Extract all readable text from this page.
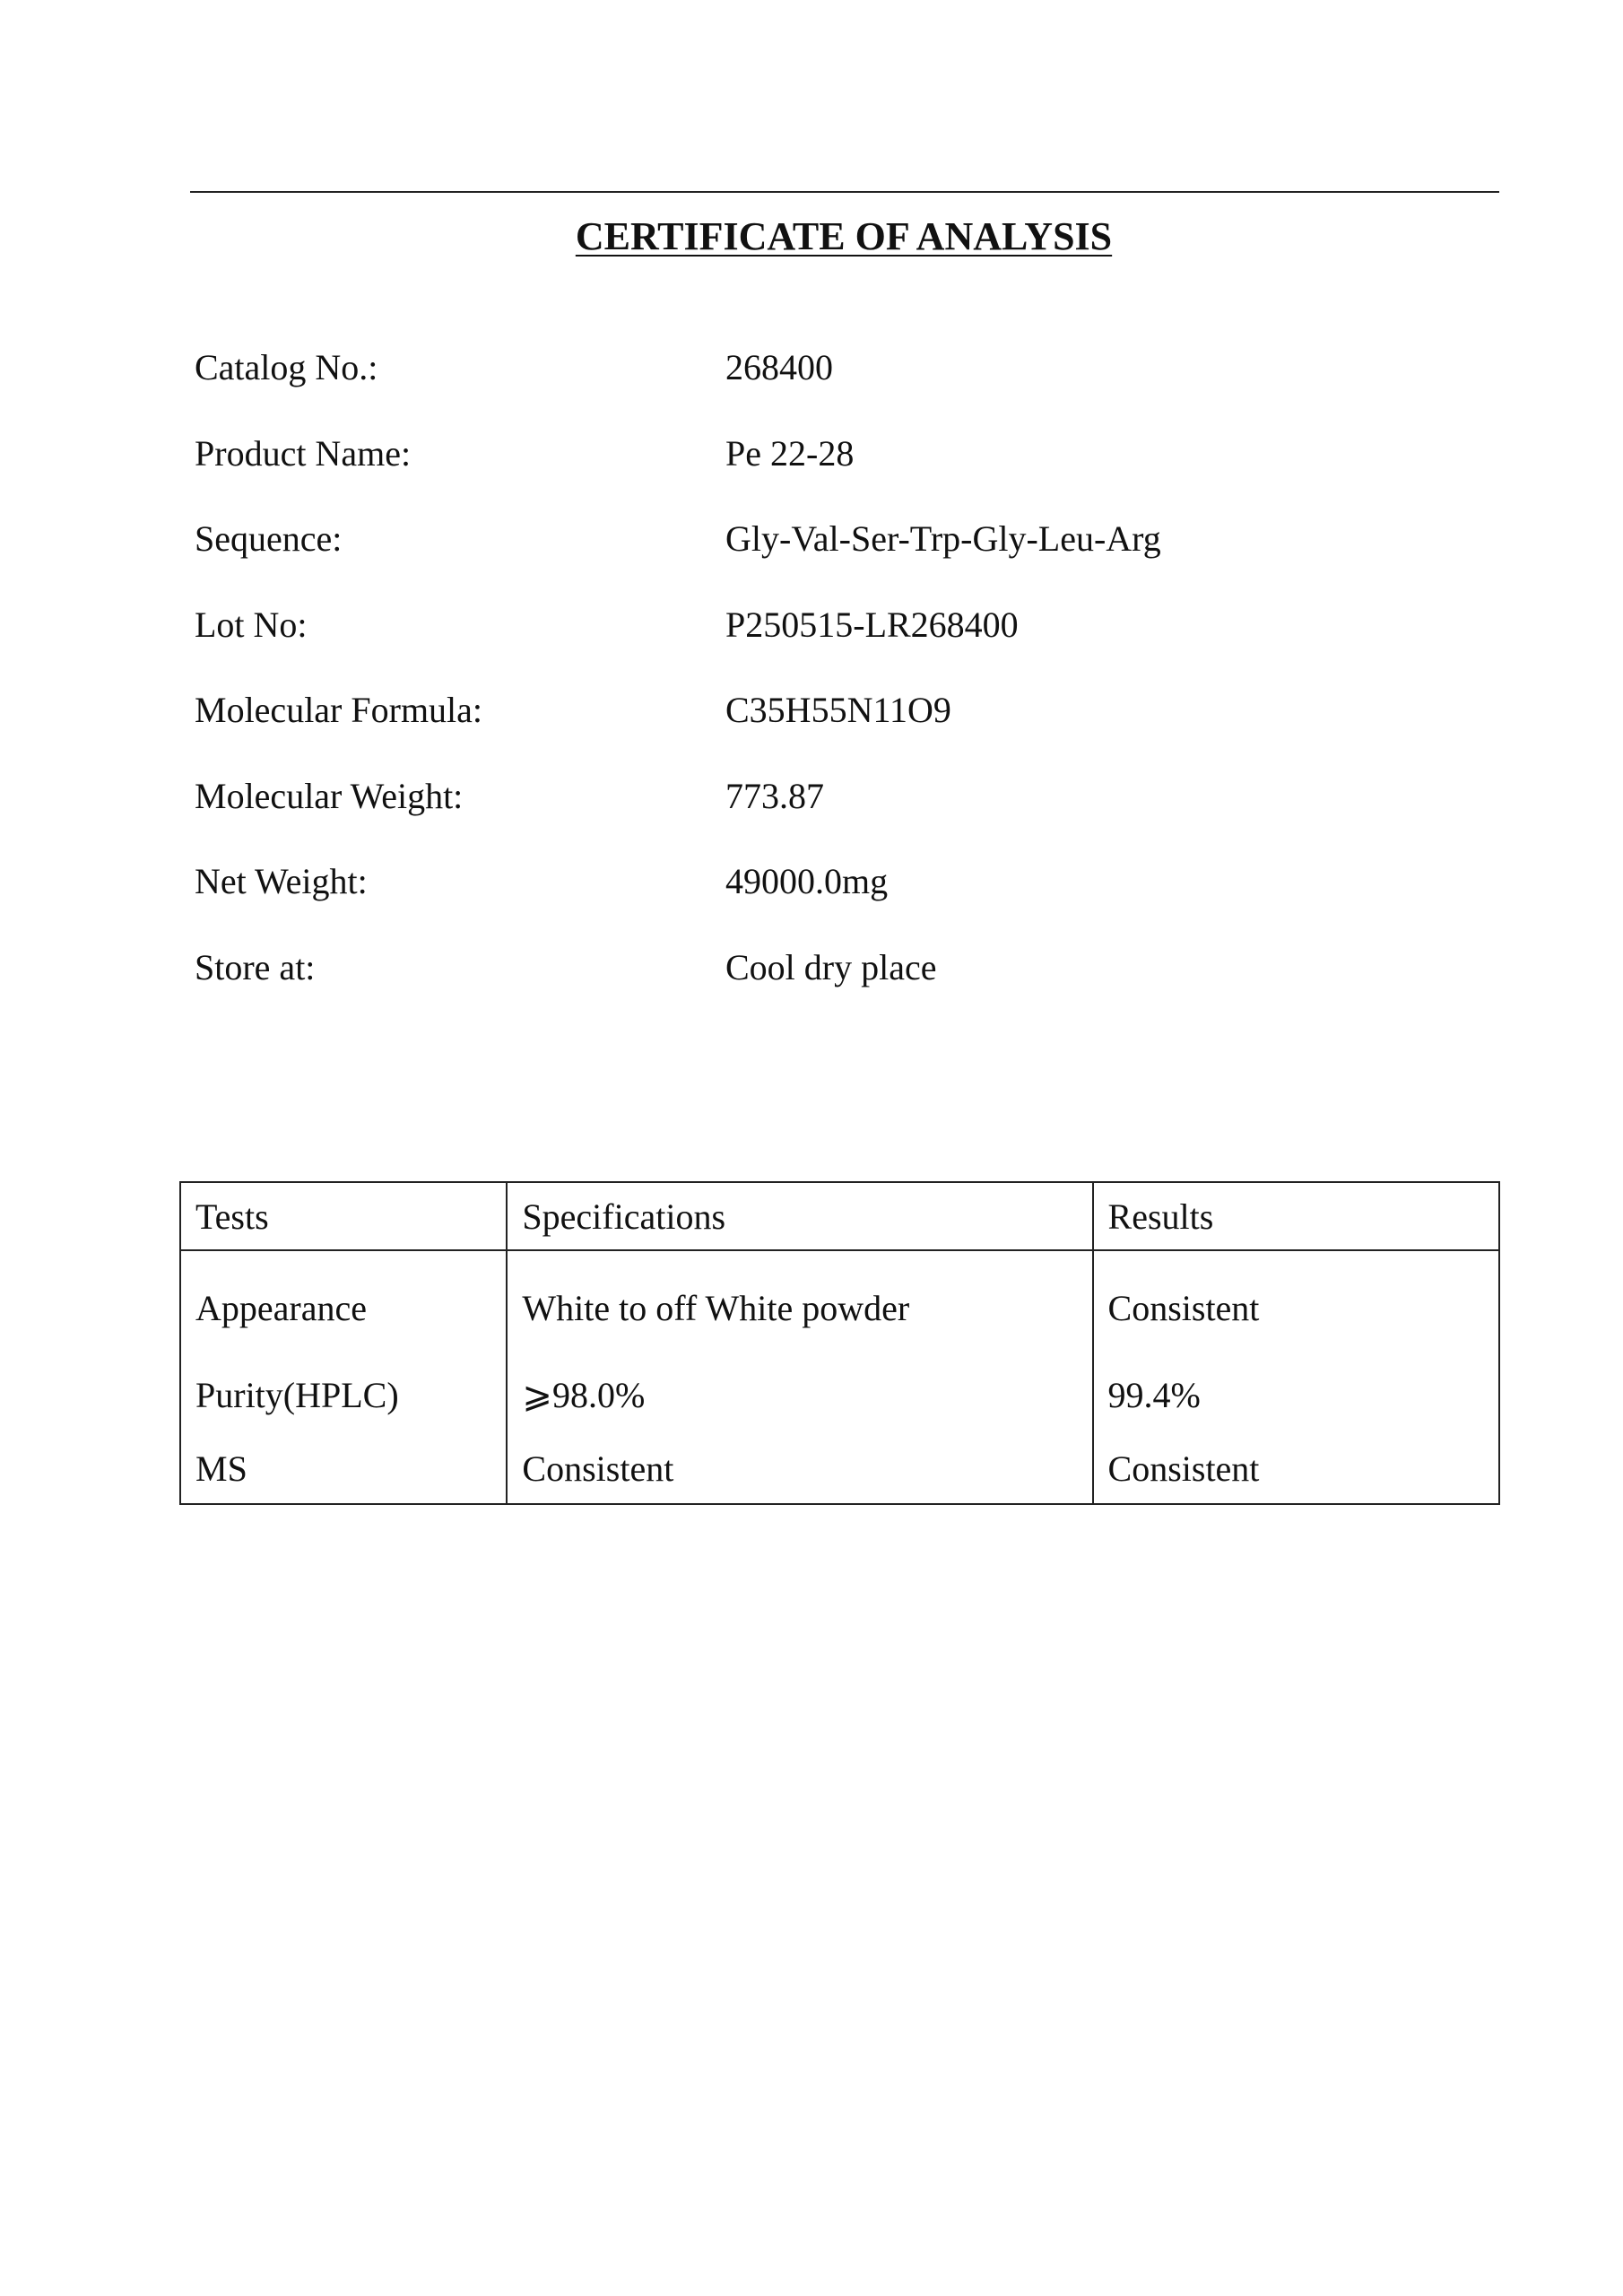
CERTIFICATE OF ANALYSIS
Catalog No.:	268400
Product Name:	Pe 22-28
Sequence:	Gly-Val-Ser-Trp-Gly-Leu-Arg
Lot No:	P250515-LR268400
Molecular Formula:	C35H55N11O9
Molecular Weight:	773.87
Net Weight:	49000.0mg
Store at:	Cool dry place
Tests	Specifications	Results
Appearance	White to off White powder	Consistent
Purity(HPLC)	⩾98.0%	99.4%
MS	Consistent	Consistent
